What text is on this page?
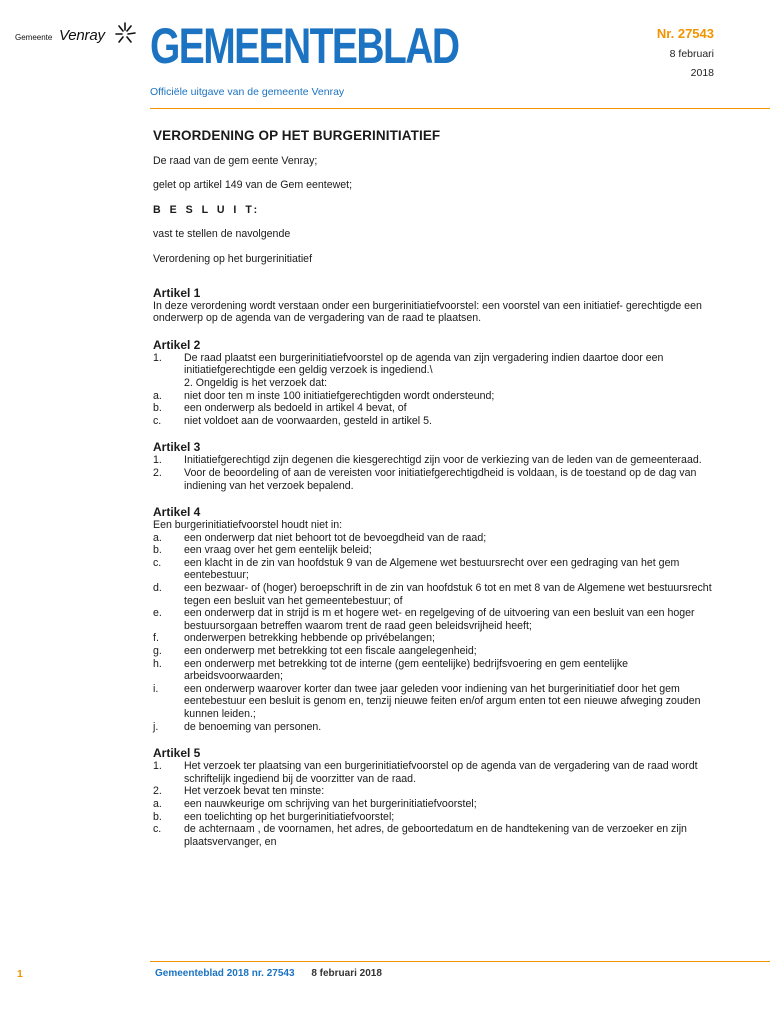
Gemeente Venray GEMEENTEBLAD
Officiële uitgave van de gemeente Venray
Nr. 27543
8 februari
2018
VERORDENING OP HET BURGERINITIATIEF

De raad van de gem eente Venray;

gelet op artikel 149 van de Gem eentewet;

B E S L U I T:

vast te stellen de navolgende

Verordening op het burgerinitiatief

Artikel 1

In deze verordening wordt verstaan onder een burgerinitiatiefvoorstel: een voorstel van een initiatief- gerechtigde een onderwerp op de agenda van de vergadering van de raad te plaatsen.

Artikel 2
1. De raad plaatst een burgerinitiatiefvoorstel op de agenda van zijn vergadering indien daartoe door een initiatiefgerechtigde een geldig verzoek is ingediend.\
2. Ongeldig is het verzoek dat:
a. niet door ten m inste 100 initiatiefgerechtigden wordt ondersteund;
b. een onderwerp als bedoeld in artikel 4 bevat, of
c. niet voldoet aan de voorwaarden, gesteld in artikel 5.
Artikel 3
1. Initiatiefgerechtigd zijn degenen die kiesgerechtigd zijn voor de verkiezing van de leden van de gemeenteraad.
2. Voor de beoordeling of aan de vereisten voor initiatiefgerechtigdheid is voldaan, is de toestand op de dag van indiening van het verzoek bepalend.
Artikel 4

Een burgerinitiatiefvoorstel houdt niet in:

a. een onderwerp dat niet behoort tot de bevoegdheid van de raad;
b. een vraag over het gem eentelijk beleid;
c. een klacht in de zin van hoofdstuk 9 van de Algemene wet bestuursrecht over een gedraging van het gem eentebestuur;
d. een bezwaar- of (hoger) beroepschrift in de zin van hoofdstuk 6 tot en met 8 van de Algemene wet bestuursrecht tegen een besluit van het gemeentebestuur; of
e. een onderwerp dat in strijd is m et hogere wet- en regelgeving of de uitvoering van een besluit van een hoger bestuursorgaan betreffen waarom trent de raad geen beleidsvrijheid heeft;
f. onderwerpen betrekking hebbende op privébelangen;
g. een onderwerp met betrekking tot een fiscale aangelegenheid;
h. een onderwerp met betrekking tot de interne (gem eentelijke) bedrijfsvoering en gem eentelijke arbeidsvoorwaarden;
i. een onderwerp waarover korter dan twee jaar geleden voor indiening van het burgerinitiatief door het gem eentebestuur een besluit is genom en, tenzij nieuwe feiten en/of argum enten tot een nieuwe afweging zouden kunnen leiden.;
j. de benoeming van personen.
Artikel 5
1. Het verzoek ter plaatsing van een burgerinitiatiefvoorstel op de agenda van de vergadering van de raad wordt schriftelijk ingediend bij de voorzitter van de raad.
2. Het verzoek bevat ten minste:
a. een nauwkeurige om schrijving van het burgerinitiatiefvoorstel;
b. een toelichting op het burgerinitiatiefvoorstel;
c. de achternaam , de voornamen, het adres, de geboortedatum en de handtekening van de verzoeker en zijn plaatsvervanger, en
1	Gemeenteblad 2018 nr. 27543 8 februari 2018
